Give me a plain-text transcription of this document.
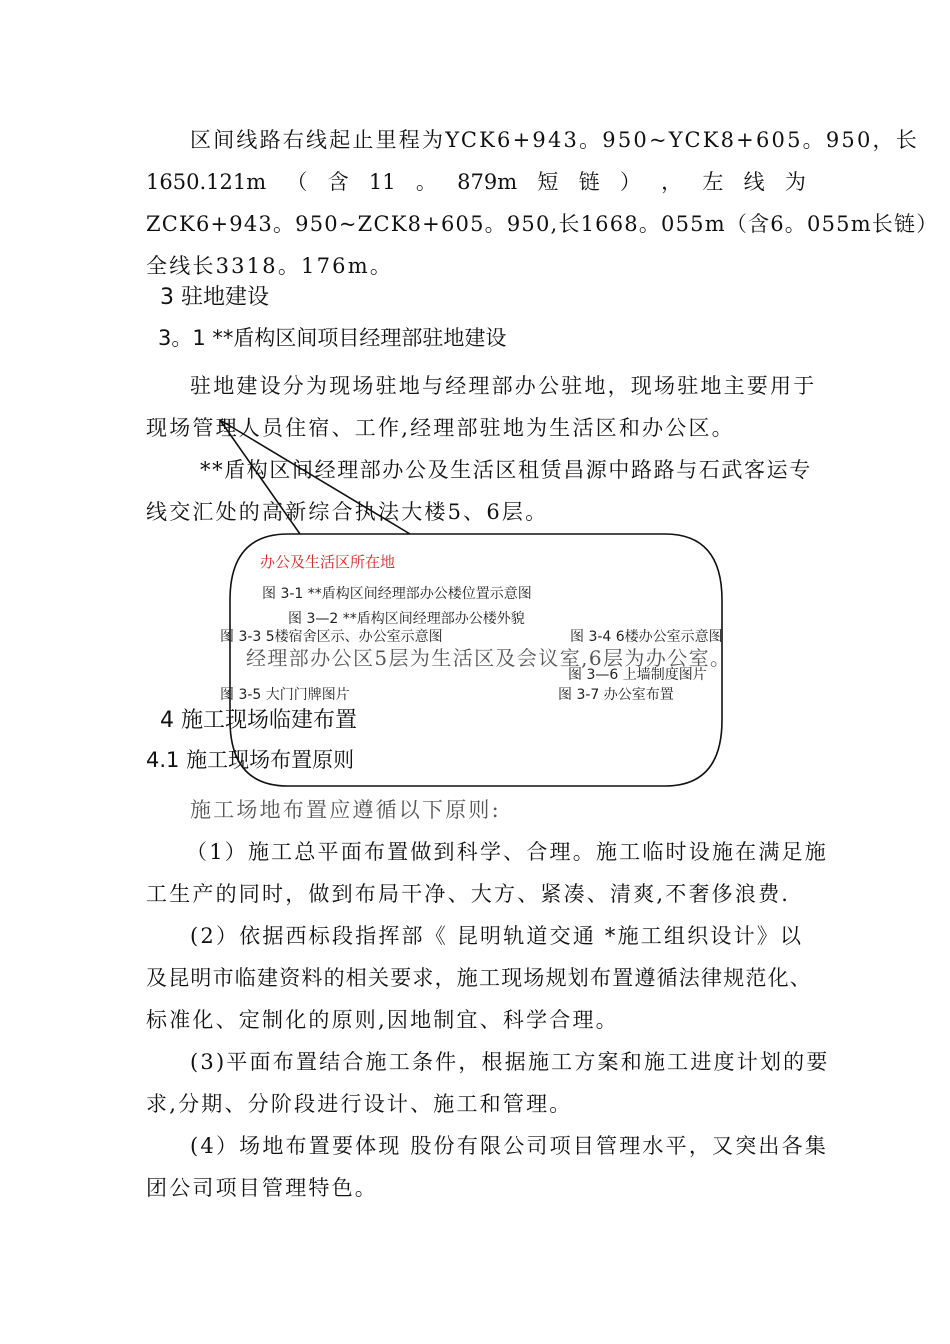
区间线路右线起止里程为YCK6+943。950~YCK8+605。950，长
1650.121m （ 含 11 。 879m 短 链 ） ， 左 线 为
ZCK6+943。950~ZCK8+605。950,长1668。055m（含6。055m长链）
全线长3318。176m。
3 驻地建设
3。1 **盾构区间项目经理部驻地建设
驻地建设分为现场驻地与经理部办公驻地，现场驻地主要用于
现场管理人员住宿、工作,经理部驻地为生活区和办公区。
**盾构区间经理部办公及生活区租赁昌源中路路与石武客运专
线交汇处的高新综合执法大楼5、6层。
办公及生活区所在地
图 3-1 **盾构区间经理部办公楼位置示意图
图 3—2 **盾构区间经理部办公楼外貌
图 3-3 5楼宿舍区示、办公室示意图	图 3-4 6楼办公室示意图
经理部办公区5层为生活区及会议室,6层为办公室。
图 3—6 上墙制度图片
图 3-5 大门门牌图片	图 3-7 办公室布置
4 施工现场临建布置
4.1 施工现场布置原则
施工场地布置应遵循以下原则:
（1）施工总平面布置做到科学、合理。施工临时设施在满足施
工生产的同时，做到布局干净、大方、紧凑、清爽,不奢侈浪费.
(2）依据西标段指挥部《 昆明轨道交通 *施工组织设计》以
及昆明市临建资料的相关要求，施工现场规划布置遵循法律规范化、
标准化、定制化的原则,因地制宜、科学合理。
(3)平面布置结合施工条件，根据施工方案和施工进度计划的要
求,分期、分阶段进行设计、施工和管理。
(4）场地布置要体现 股份有限公司项目管理水平，又突出各集
团公司项目管理特色。
